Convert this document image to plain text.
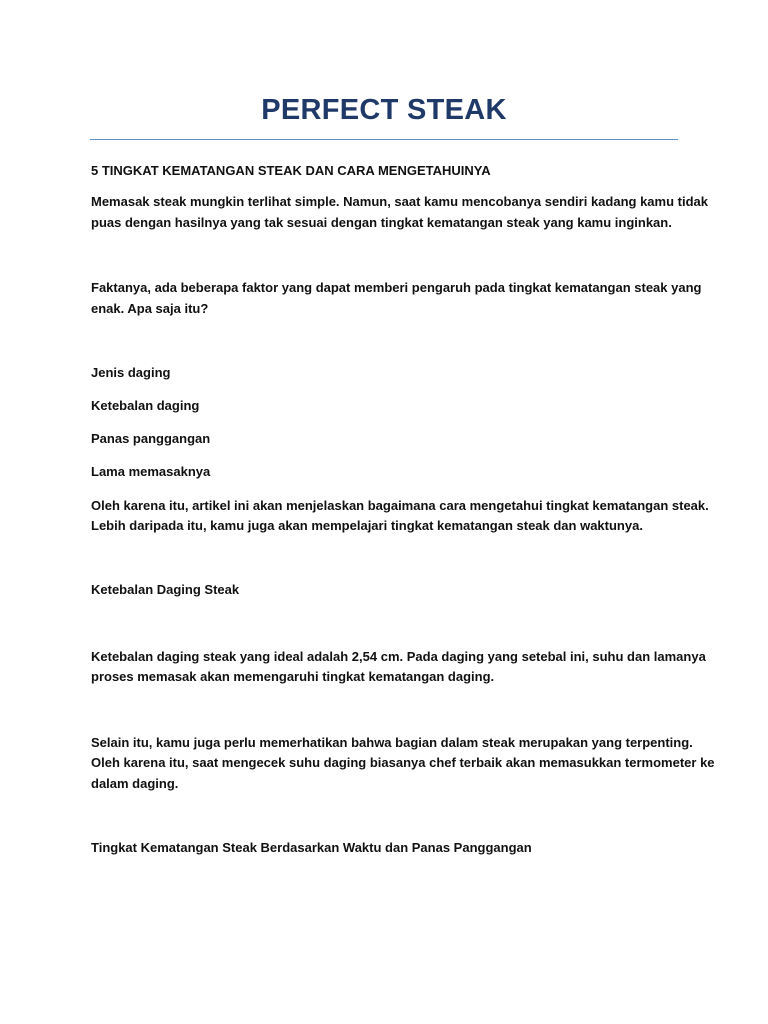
PERFECT STEAK

5 TINGKAT KEMATANGAN STEAK DAN CARA MENGETAHUINYA

Memasak steak mungkin terlihat simple. Namun, saat kamu mencobanya sendiri kadang kamu tidak

puas dengan hasilnya yang tak sesuai dengan tingkat kematangan steak yang kamu inginkan.

Faktanya, ada beberapa faktor yang dapat memberi pengaruh pada tingkat kematangan steak yang

enak. Apa saja itu?

Jenis daging

Ketebalan daging

Panas panggangan

Lama memasaknya

Oleh karena itu, artikel ini akan menjelaskan bagaimana cara mengetahui tingkat kematangan steak.

Lebih daripada itu, kamu juga akan mempelajari tingkat kematangan steak dan waktunya.

Ketebalan Daging Steak

Ketebalan daging steak yang ideal adalah 2,54 cm. Pada daging yang setebal ini, suhu dan lamanya

proses memasak akan memengaruhi tingkat kematangan daging.

Selain itu, kamu juga perlu memerhatikan bahwa bagian dalam steak merupakan yang terpenting.

Oleh karena itu, saat mengecek suhu daging biasanya chef terbaik akan memasukkan termometer ke

dalam daging.

Tingkat Kematangan Steak Berdasarkan Waktu dan Panas Panggangan
